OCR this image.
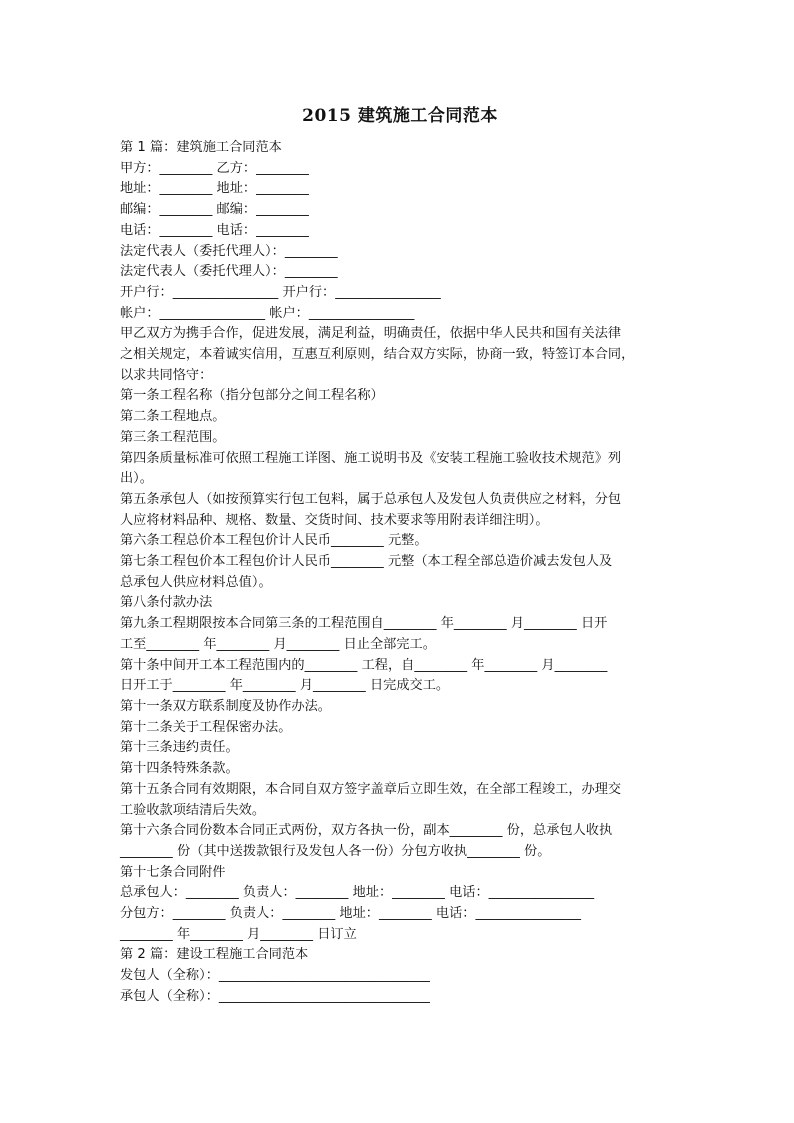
2015 建筑施工合同范本

第 1 篇：建筑施工合同范本

甲方：________ 乙方：________

地址：________ 地址：________

邮编：________ 邮编：________

电话：________ 电话：________

法定代表人（委托代理人）：________

法定代表人（委托代理人）：________

开户行：________________ 开户行：________________

帐户：________________ 帐户：________________

甲乙双方为携手合作，促进发展，满足利益，明确责任，依据中华人民共和国有关法律

之相关规定，本着诚实信用，互惠互利原则，结合双方实际，协商一致，特签订本合同，

以求共同恪守：

第一条工程名称（指分包部分之间工程名称）

第二条工程地点。

第三条工程范围。

第四条质量标准可依照工程施工详图、施工说明书及《安装工程施工验收技术规范》列

出）。

第五条承包人（如按预算实行包工包料，属于总承包人及发包人负责供应之材料，分包

人应将材料品种、规格、数量、交货时间、技术要求等用附表详细注明）。

第六条工程总价本工程包价计人民币________ 元整。

第七条工程包价本工程包价计人民币________ 元整（本工程全部总造价减去发包人及

总承包人供应材料总值）。

第八条付款办法

第九条工程期限按本合同第三条的工程范围自________ 年________ 月________ 日开

工至________ 年________ 月________ 日止全部完工。

第十条中间开工本工程范围内的________ 工程，自________ 年________ 月________

日开工于________ 年________ 月________ 日完成交工。

第十一条双方联系制度及协作办法。

第十二条关于工程保密办法。

第十三条违约责任。

第十四条特殊条款。

第十五条合同有效期限，本合同自双方签字盖章后立即生效，在全部工程竣工，办理交

工验收款项结清后失效。

第十六条合同份数本合同正式两份，双方各执一份，副本________ 份，总承包人收执

________ 份（其中送拨款银行及发包人各一份）分包方收执________ 份。

第十七条合同附件

总承包人：________ 负责人：________ 地址：________ 电话：________________

分包方：________ 负责人：________ 地址：________ 电话：________________

________ 年________ 月________ 日订立

第 2 篇：建设工程施工合同范本

发包人（全称）：________________________________

承包人（全称）：________________________________
